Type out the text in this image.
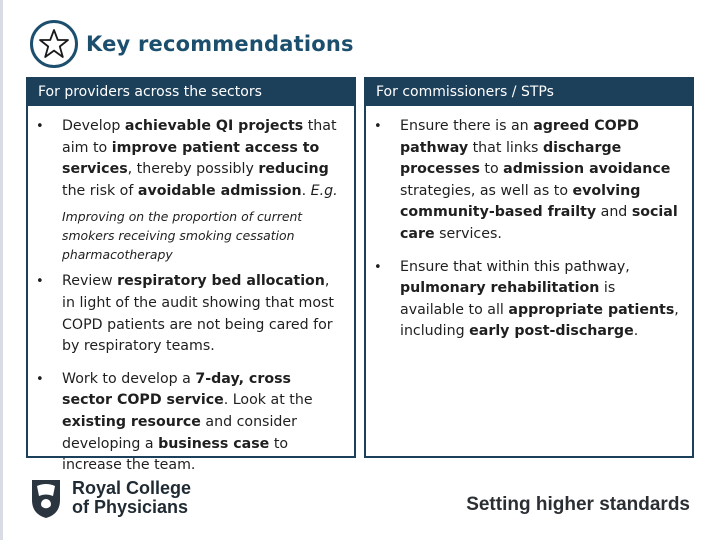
Key recommendations
For providers across the sectors
• Develop achievable QI projects that aim to improve patient access to services, thereby possibly reducing the risk of avoidable admission. E.g.
Improving on the proportion of current smokers receiving smoking cessation pharmacotherapy
• Review respiratory bed allocation, in light of the audit showing that most COPD patients are not being cared for by respiratory teams.
• Work to develop a 7-day, cross sector COPD service. Look at the existing resource and consider developing a business case to increase the team.
For commissioners / STPs
• Ensure there is an agreed COPD pathway that links discharge processes to admission avoidance strategies, as well as to evolving community-based frailty and social care services.
• Ensure that within this pathway, pulmonary rehabilitation is available to all appropriate patients, including early post-discharge.
Royal College
of Physicians	Setting higher standards
